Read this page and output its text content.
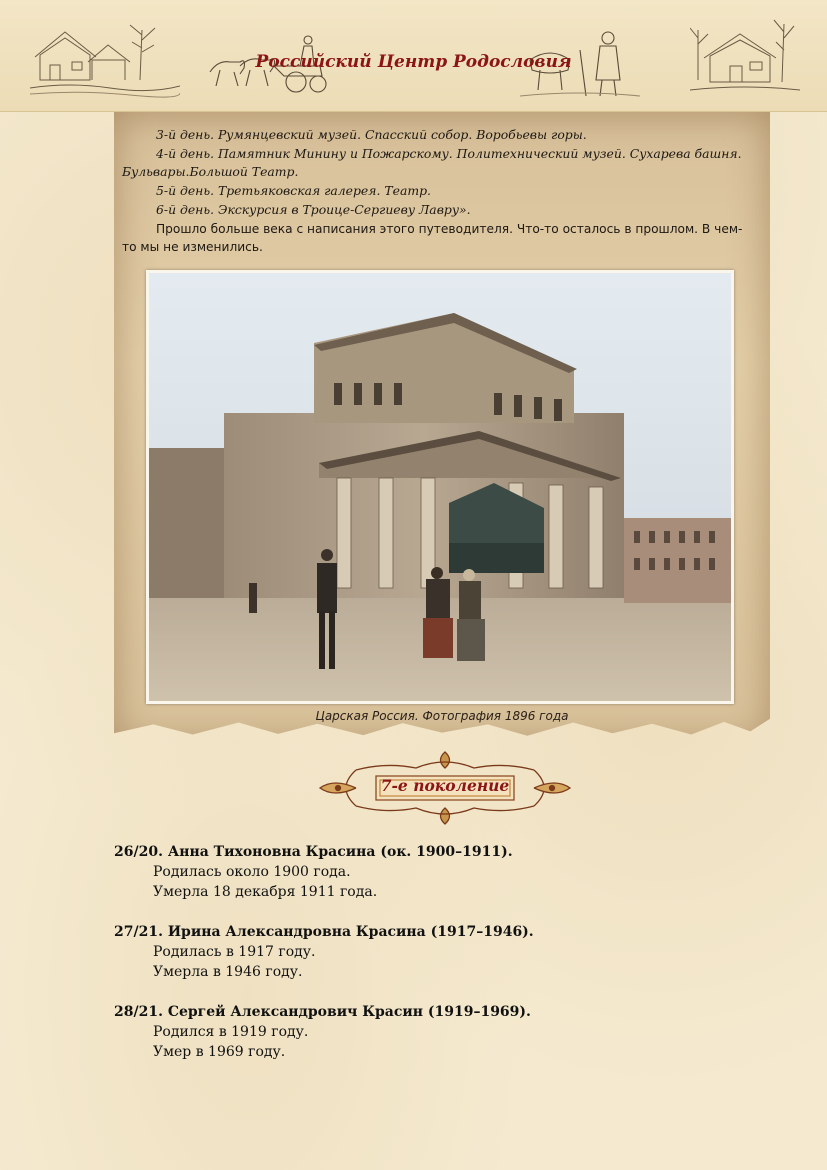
Российский Центр Родословия

3-й день. Румянцевский музей. Спасский собор. Воробьевы горы.

4-й день. Памятник Минину и Пожарскому. Политехнический музей. Сухарева башня. Бульвары.Большой Театр.

5-й день. Третьяковская галерея. Театр.

6-й день. Экскурсия в Троице-Сергиеву Лавру».

Прошло больше века с написания этого путеводителя. Что-то осталось в прошлом. В чем-то мы не изменились.

Царская Россия. Фотография 1896 года
7-е поколение
26/20. Анна Тихоновна Красина (ок. 1900–1911).
Родилась около 1900 года.
Умерла 18 декабря 1911 года.
27/21. Ирина Александровна Красина (1917–1946).
Родилась в 1917 году.
Умерла в 1946 году.
28/21. Сергей Александрович Красин (1919–1969).
Родился в 1919 году.
Умер в 1969 году.
